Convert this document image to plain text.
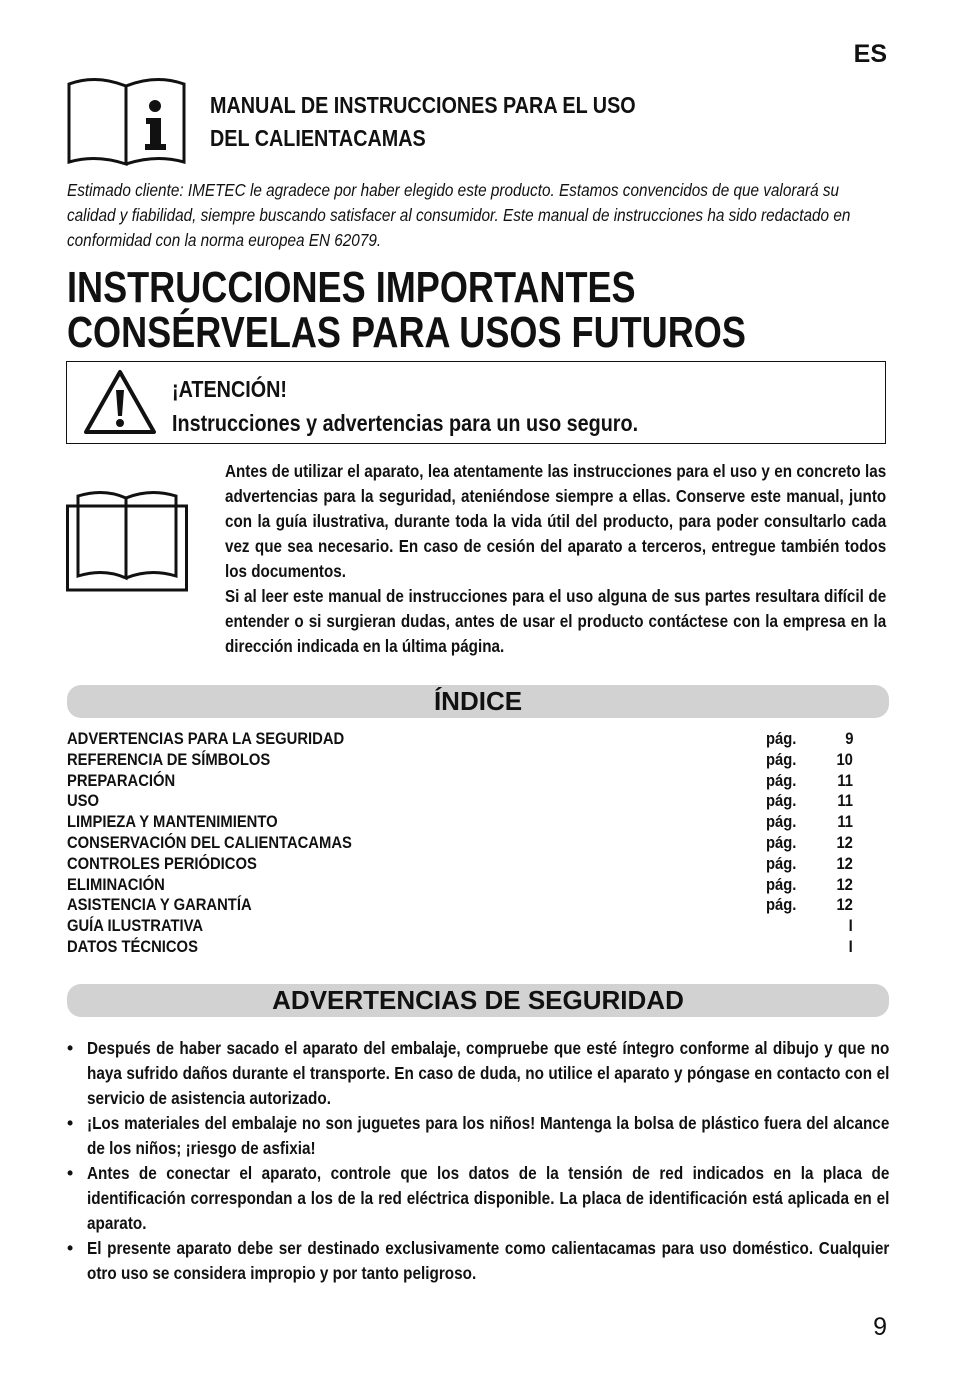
ES
MANUAL DE INSTRUCCIONES PARA EL USO
DEL CALIENTACAMAS
Estimado cliente: IMETEC le agradece por haber elegido este producto. Estamos convencidos de que valorará su calidad y fiabilidad, siempre buscando satisfacer al consumidor. Este manual de instrucciones ha sido redactado en conformidad con la norma europea EN 62079.
INSTRUCCIONES IMPORTANTES
CONSÉRVELAS PARA USOS FUTUROS
¡ATENCIÓN!
Instrucciones y advertencias para un uso seguro.

Antes de utilizar el aparato, lea atentamente las instrucciones para el uso y en concreto las advertencias para la seguridad, ateniéndose siempre a ellas. Conserve este manual, junto con la guía ilustrativa, durante toda la vida útil del producto, para poder consultarlo cada vez que sea necesario. En caso de cesión del aparato a terceros, entregue también todos los documentos.

Si al leer este manual de instrucciones para el uso alguna de sus partes resultara difícil de entender o si surgieran dudas, antes de usar el producto contáctese con la empresa en la dirección indicada en la última página.

ÍNDICE
ADVERTENCIAS PARA LA SEGURIDAD	pág.	9
REFERENCIA DE SÍMBOLOS	pág. 10
PREPARACIÓN	pág. 11
USO	pág. 11
LIMPIEZA Y MANTENIMIENTO	pág. 11
CONSERVACIÓN DEL CALIENTACAMAS	pág. 12
CONTROLES PERIÓDICOS	pág. 12
ELIMINACIÓN	pág. 12
ASISTENCIA Y GARANTÍA	pág. 12
GUÍA ILUSTRATIVA	I
DATOS TÉCNICOS	I
ADVERTENCIAS DE SEGURIDAD
• Después de haber sacado el aparato del embalaje, compruebe que esté íntegro conforme al dibujo y que no haya sufrido daños durante el transporte. En caso de duda, no utilice el aparato y póngase en contacto con el servicio de asistencia autorizado.
• ¡Los materiales del embalaje no son juguetes para los niños! Mantenga la bolsa de plástico fuera del alcance de los niños; ¡riesgo de asfixia!
• Antes de conectar el aparato, controle que los datos de la tensión de red indicados en la placa de identificación correspondan a los de la red eléctrica disponible. La placa de identificación está aplicada en el aparato.
• El presente aparato debe ser destinado exclusivamente como calientacamas para uso doméstico. Cualquier otro uso se considera impropio y por tanto peligroso.
9
